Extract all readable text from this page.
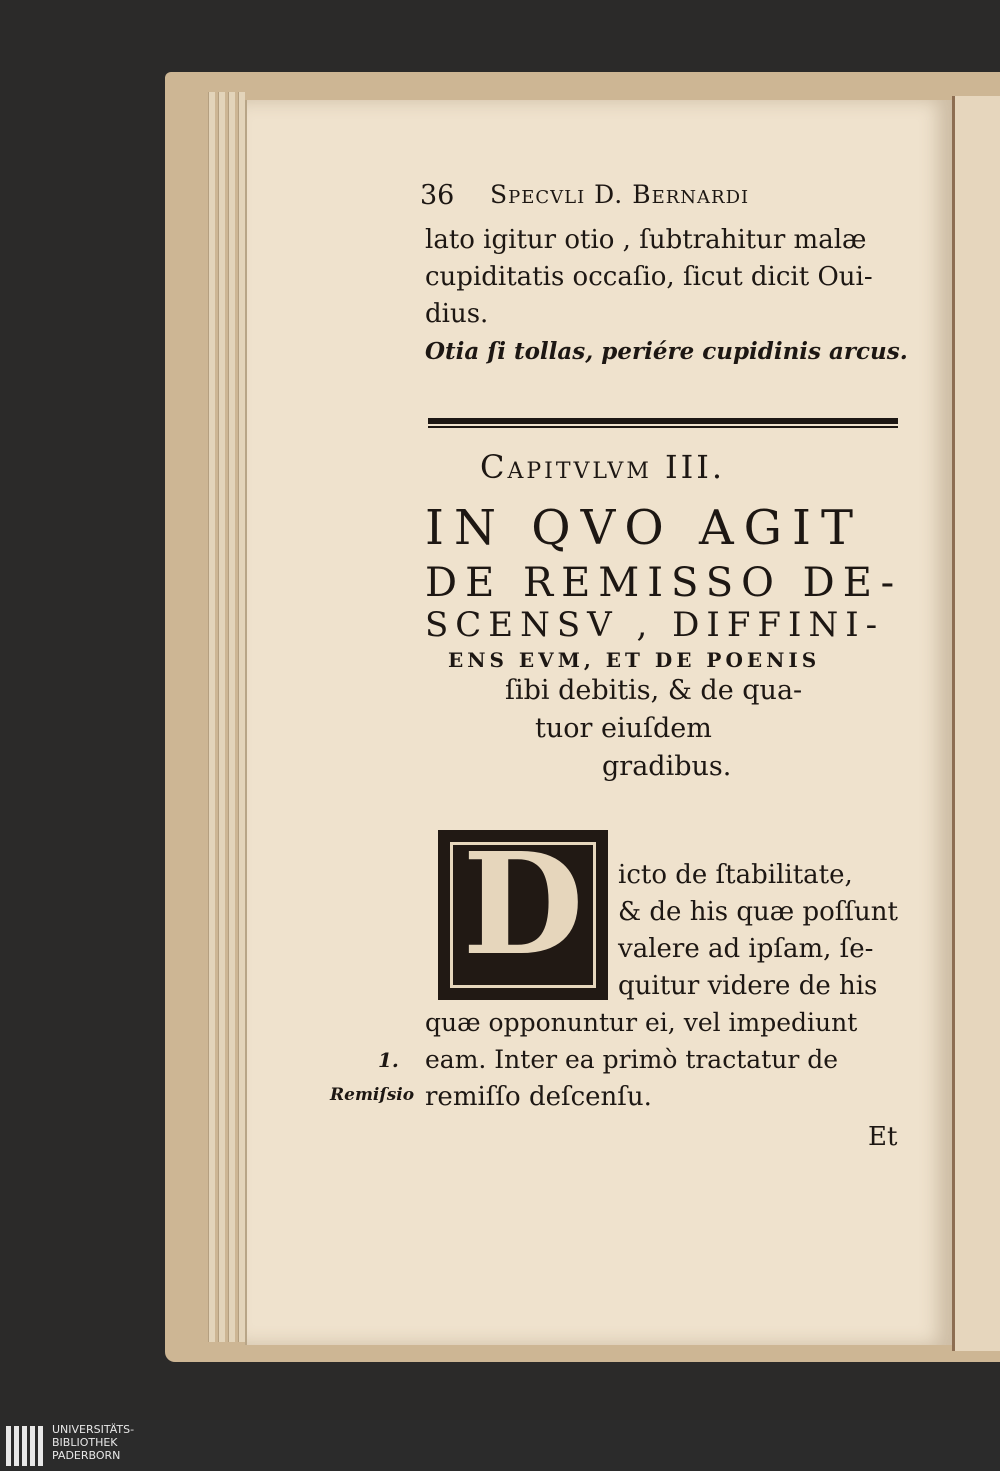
36 Specvli D. Bernardi
lato igitur otio , ſubtrahitur malæ
cupiditatis occaſio, ſicut dicit Oui-
dius.
Otia ſi tollas, periére cupidinis arcus.
Capitvlvm III.
IN QVO AGIT
DE REMISSO DE-
SCENSV , DIFFINI-
ENS EVM, ET DE POENIS
ſibi debitis, & de qua-
tuor eiuſdem
gradibus.
D	icto de ſtabilitate,
& de his quæ poſſunt
valere ad ipſam, ſe-
quitur videre de his
quæ opponuntur ei, vel impediunt
eam. Inter ea primò tractatur de
remiſſo deſcenſu.
Et
1.
Remiſsio
UNIVERSITÄTS-
BIBLIOTHEK
PADERBORN
